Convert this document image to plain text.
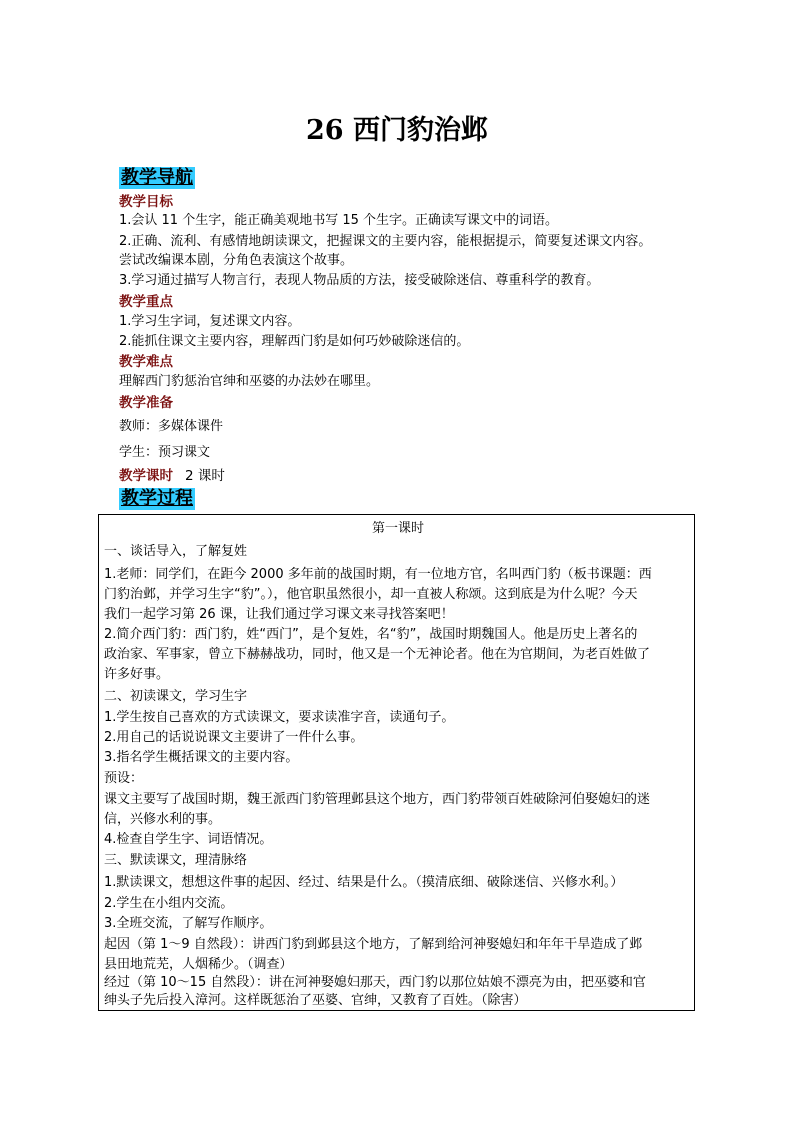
26 西门豹治邺
教学导航
教学目标
1.会认 11 个生字，能正确美观地书写 15 个生字。正确读写课文中的词语。
2.正确、流利、有感情地朗读课文，把握课文的主要内容，能根据提示，简要复述课文内容。
尝试改编课本剧，分角色表演这个故事。
3.学习通过描写人物言行，表现人物品质的方法，接受破除迷信、尊重科学的教育。
教学重点
1.学习生字词，复述课文内容。
2.能抓住课文主要内容，理解西门豹是如何巧妙破除迷信的。
教学难点
理解西门豹惩治官绅和巫婆的办法妙在哪里。
教学准备
教师：多媒体课件
学生：预习课文
教学课时 2 课时
教学过程
第一课时
一、谈话导入，了解复姓
1.老师：同学们，在距今 2000 多年前的战国时期，有一位地方官，名叫西门豹（板书课题：西
门豹治邺，并学习生字“豹”。），他官职虽然很小，却一直被人称颂。这到底是为什么呢？今天
我们一起学习第 26 课，让我们通过学习课文来寻找答案吧！
2.简介西门豹：西门豹，姓“西门”，是个复姓，名“豹”，战国时期魏国人。他是历史上著名的
政治家、军事家，曾立下赫赫战功，同时，他又是一个无神论者。他在为官期间，为老百姓做了
许多好事。
二、初读课文，学习生字
1.学生按自己喜欢的方式读课文，要求读准字音，读通句子。
2.用自己的话说说课文主要讲了一件什么事。
3.指名学生概括课文的主要内容。
预设：
课文主要写了战国时期，魏王派西门豹管理邺县这个地方，西门豹带领百姓破除河伯娶媳妇的迷
信，兴修水利的事。
4.检查自学生字、词语情况。
三、默读课文，理清脉络
1.默读课文，想想这件事的起因、经过、结果是什么。（摸清底细、破除迷信、兴修水利。）
2.学生在小组内交流。
3.全班交流，了解写作顺序。
起因（第 1～9 自然段）：讲西门豹到邺县这个地方，了解到给河神娶媳妇和年年干旱造成了邺
县田地荒芜，人烟稀少。（调查）
经过（第 10～15 自然段）：讲在河神娶媳妇那天，西门豹以那位姑娘不漂亮为由，把巫婆和官
绅头子先后投入漳河。这样既惩治了巫婆、官绅，又教育了百姓。（除害）
